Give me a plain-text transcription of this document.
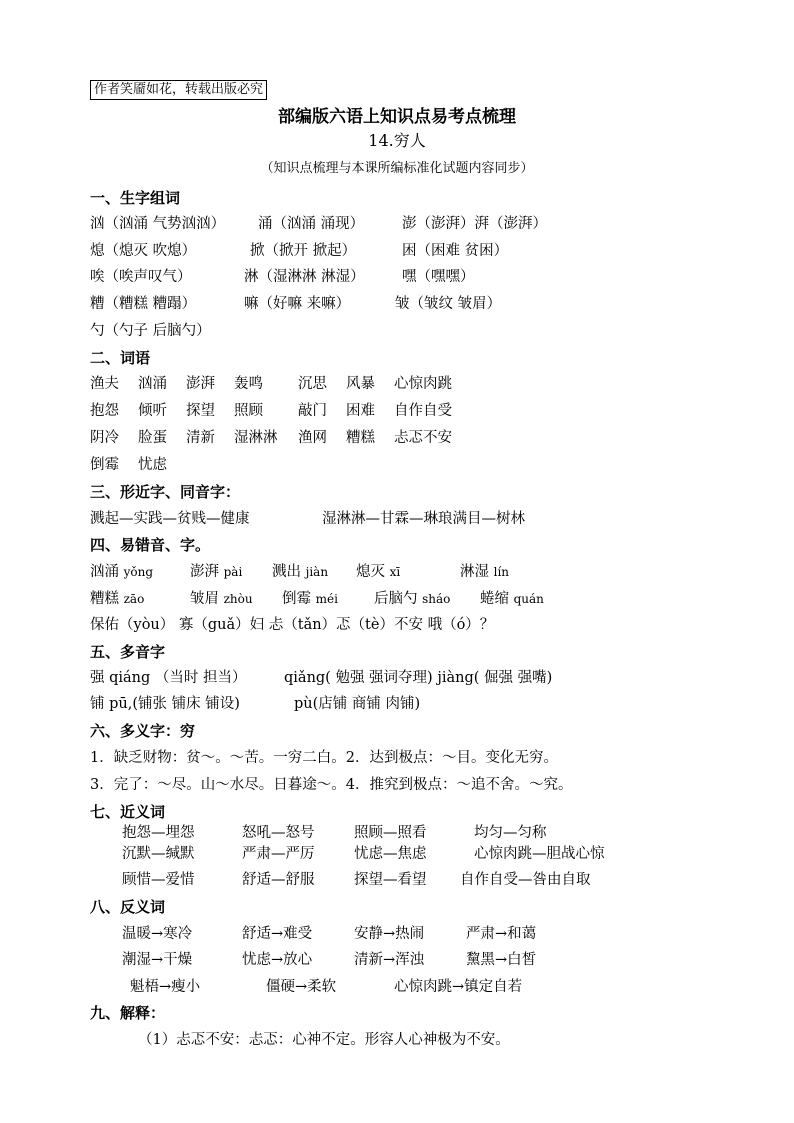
作者笑靥如花，转载出版必究
部编版六语上知识点易考点梳理
14.穷人
（知识点梳理与本课所编标准化试题内容同步）
一、生字组词
汹（汹涌 气势汹汹） 涌（汹涌 涌现）	澎（澎湃）湃（澎湃）
熄（熄灭 吹熄）	掀（掀开 掀起）	困（困难 贫困）
唉（唉声叹气）	淋（湿淋淋 淋湿）	嘿（嘿嘿）
糟（糟糕 糟蹋）	嘛（好嘛 来嘛）	皱（皱纹 皱眉）
勺（勺子 后脑勺）
二、词语
渔夫 汹涌 澎湃 轰鸣 沉思 风暴 心惊肉跳
抱怨 倾听 探望 照顾 敲门 困难 自作自受
阴冷 脸蛋 清新 湿淋淋 渔网 糟糕 忐忑不安
倒霉 忧虑
三、形近字、同音字：
溅起—实践—贫贱—健康	湿淋淋—甘霖—琳琅满目—树林
四、易错音、字。
汹涌 yǒng	澎湃 pài 溅出 jiàn 熄灭 xī	淋湿 lín
糟糕 zāo	皱眉 zhòu 倒霉 méi 后脑勺 sháo 蜷缩 quán
保佑（yòu） 寡（guǎ）妇 忐（tǎn）忑（tè）不安 哦（ó）？
五、多音字
强 qiáng （当时 担当）	qiǎng( 勉强 强词夺理) jiàng( 倔强 强嘴)
铺 pū,(铺张 铺床 铺设)	pù(店铺 商铺 肉铺)
六、多义字：穷
1．缺乏财物：贫～。～苦。一穷二白。2．达到极点：～目。变化无穷。
3．完了：～尽。山～水尽。日暮途～。4．推究到极点：～追不舍。～究。
七、近义词
抱怨—埋怨	怒吼—怒号	照顾—照看	均匀—匀称
沉默—缄默	严肃—严厉	忧虑—焦虑	心惊肉跳—胆战心惊
顾惜—爱惜	舒适—舒服	探望—看望 自作自受—咎由自取
八、反义词
温暖→寒冷	舒适→难受	安静→热闹	严肃→和蔼
潮湿→干燥	忧虑→放心	清新→浑浊	黧黑→白皙
魁梧→瘦小	僵硬→柔软	心惊肉跳→镇定自若
九、解释：
（1）忐忑不安：忐忑：心神不定。形容人心神极为不安。
